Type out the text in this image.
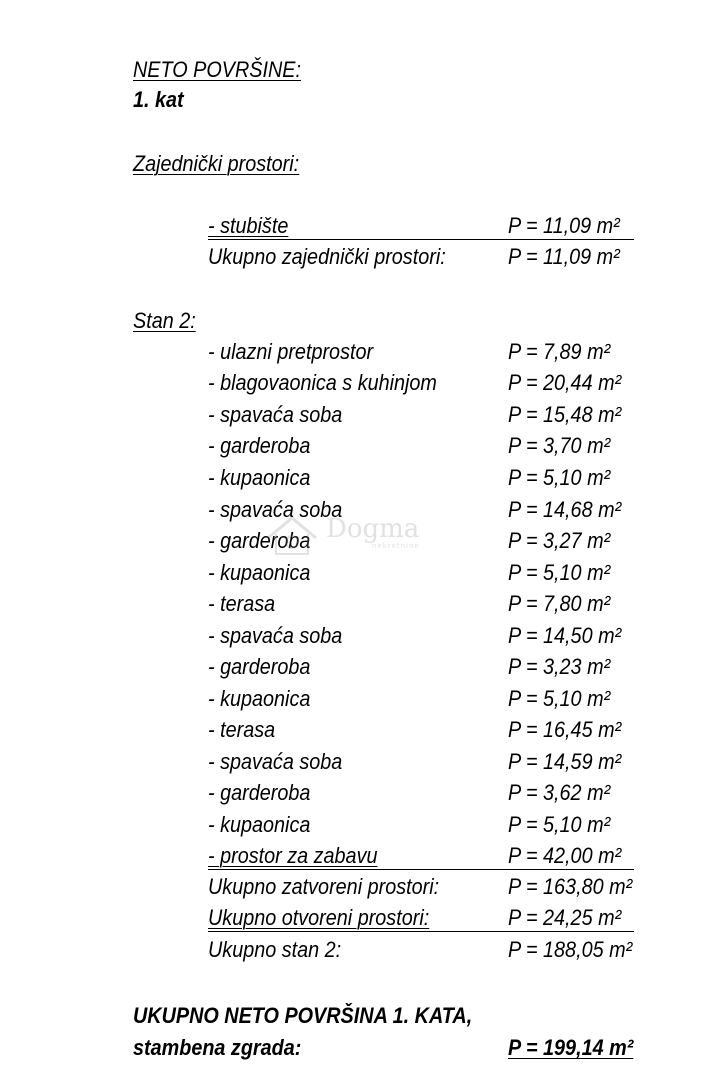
NETO POVRŠINE:
1. kat
Zajednički prostori:
- stubište	P = 11,09 m²
Ukupno zajednički prostori:	P = 11,09 m²
Stan 2:
- ulazni pretprostor	P = 7,89 m²
- blagovaonica s kuhinjom	P = 20,44 m²
- spavaća soba	P = 15,48 m²
- garderoba	P = 3,70 m²
- kupaonica	P = 5,10 m²
- spavaća soba	P = 14,68 m²
- garderoba	P = 3,27 m²
- kupaonica	P = 5,10 m²
- terasa	P = 7,80 m²
- spavaća soba	P = 14,50 m²
- garderoba	P = 3,23 m²
- kupaonica	P = 5,10 m²
- terasa	P = 16,45 m²
- spavaća soba	P = 14,59 m²
- garderoba	P = 3,62 m²
- kupaonica	P = 5,10 m²
- prostor za zabavu	P = 42,00 m²
Ukupno zatvoreni prostori:	P = 163,80 m²
Ukupno otvoreni prostori:	P = 24,25 m²
Ukupno stan 2:	P = 188,05 m²
UKUPNO NETO POVRŠINA 1. KATA,
stambena zgrada:	P = 199,14 m²
Dogma
nekretnine
